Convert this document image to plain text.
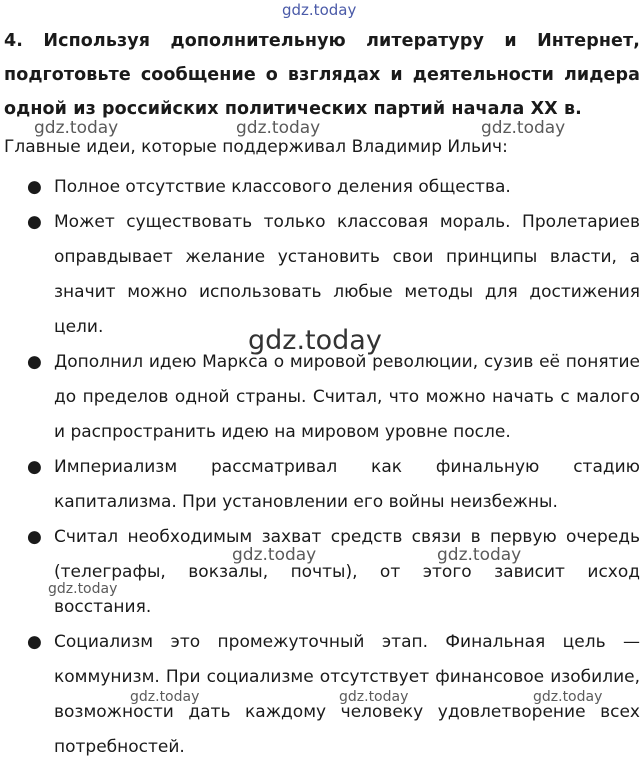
4. Используя дополнительную литературу и Интернет, подготовьте сообщение о взглядах и деятельности лидера одной из российских политических партий начала XX в.
Главные идеи, которые поддерживал Владимир Ильич:
● Полное отсутствие классового деления общества.
● Может существовать только классовая мораль. Пролетариев оправдывает желание установить свои принципы власти, а значит можно использовать любые методы для достижения цели.
● Дополнил идею Маркса о мировой революции, сузив её понятие до пределов одной страны. Считал, что можно начать с малого и распространить идею на мировом уровне после.
● Империализм рассматривал как финальную стадию капитализма. При установлении его войны неизбежны.
● Считал необходимым захват средств связи в первую очередь (телеграфы, вокзалы, почты), от этого зависит исход восстания.
● Социализм это промежуточный этап. Финальная цель — коммунизм. При социализме отсутствует финансовое изобилие, возможности дать каждому человеку удовлетворение всех потребностей.
gdz.today
gdz.today	gdz.today	gdz.today
gdz.today
gdz.today	gdz.today
gdz.today
gdz.today	gdz.today	gdz.today
